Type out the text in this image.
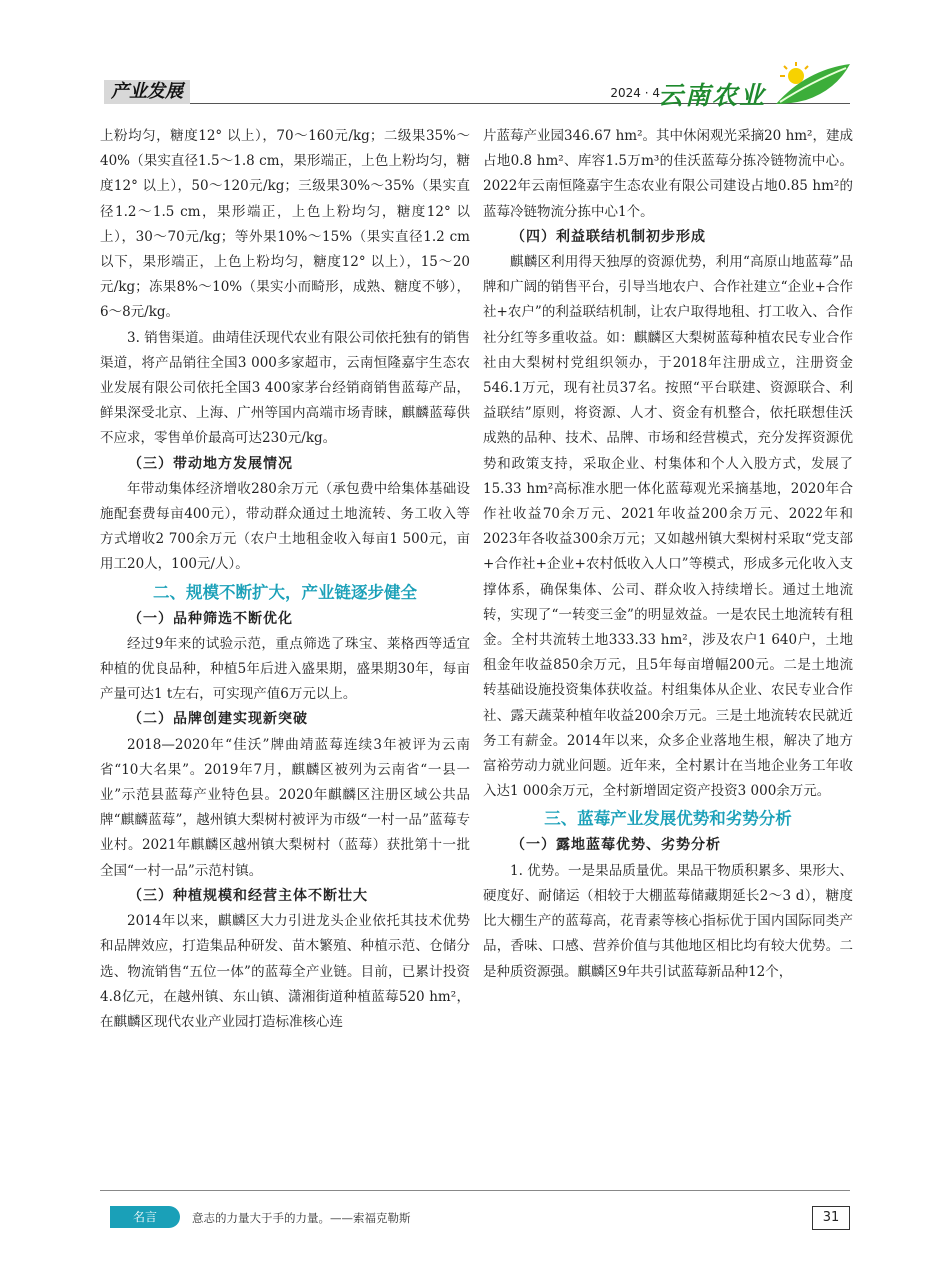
产业发展	2024 · 4
云南农业

上粉均匀，糖度12° 以上），70～160元/kg；二级果35%～40%（果实直径1.5～1.8 cm，果形端正，上色上粉均匀，糖度12° 以上），50～120元/kg；三级果30%～35%（果实直径1.2～1.5 cm，果形端正，上色上粉均匀，糖度12° 以上），30～70元/kg；等外果10%～15%（果实直径1.2 cm以下，果形端正，上色上粉均匀，糖度12° 以上），15～20元/kg；冻果8%～10%（果实小而畸形，成熟、糖度不够），6～8元/kg。

3. 销售渠道。曲靖佳沃现代农业有限公司依托独有的销售渠道，将产品销往全国3 000多家超市，云南恒隆嘉宇生态农业发展有限公司依托全国3 400家茅台经销商销售蓝莓产品，鲜果深受北京、上海、广州等国内高端市场青睐，麒麟蓝莓供不应求，零售单价最高可达230元/kg。

（三）带动地方发展情况

年带动集体经济增收280余万元（承包费中给集体基础设施配套费每亩400元），带动群众通过土地流转、务工收入等方式增收2 700余万元（农户土地租金收入每亩1 500元，亩用工20人，100元/人）。

二、规模不断扩大，产业链逐步健全
（一）品种筛选不断优化

经过9年来的试验示范，重点筛选了珠宝、莱格西等适宜种植的优良品种，种植5年后进入盛果期，盛果期30年，每亩产量可达1 t左右，可实现产值6万元以上。

（二）品牌创建实现新突破

2018—2020年“佳沃”牌曲靖蓝莓连续3年被评为云南省“10大名果”。2019年7月，麒麟区被列为云南省“一县一业”示范县蓝莓产业特色县。2020年麒麟区注册区域公共品牌“麒麟蓝莓”，越州镇大梨树村被评为市级“一村一品”蓝莓专业村。2021年麒麟区越州镇大梨树村（蓝莓）获批第十一批全国“一村一品”示范村镇。

（三）种植规模和经营主体不断壮大

2014年以来，麒麟区大力引进龙头企业依托其技术优势和品牌效应，打造集品种研发、苗木繁殖、种植示范、仓储分选、物流销售“五位一体”的蓝莓全产业链。目前，已累计投资4.8亿元，在越州镇、东山镇、潇湘街道种植蓝莓520 hm²，在麒麟区现代农业产业园打造标准核心连

片蓝莓产业园346.67 hm²。其中休闲观光采摘20 hm²，建成占地0.8 hm²、库容1.5万m³的佳沃蓝莓分拣冷链物流中心。2022年云南恒隆嘉宇生态农业有限公司建设占地0.85 hm²的蓝莓冷链物流分拣中心1个。

（四）利益联结机制初步形成

麒麟区利用得天独厚的资源优势，利用“高原山地蓝莓”品牌和广阔的销售平台，引导当地农户、合作社建立“企业+合作社+农户”的利益联结机制，让农户取得地租、打工收入、合作社分红等多重收益。如：麒麟区大梨树蓝莓种植农民专业合作社由大梨树村党组织领办，于2018年注册成立，注册资金546.1万元，现有社员37名。按照“平台联建、资源联合、利益联结”原则，将资源、人才、资金有机整合，依托联想佳沃成熟的品种、技术、品牌、市场和经营模式，充分发挥资源优势和政策支持，采取企业、村集体和个人入股方式，发展了15.33 hm²高标准水肥一体化蓝莓观光采摘基地，2020年合作社收益70余万元、2021年收益200余万元、2022年和2023年各收益300余万元；又如越州镇大梨树村采取“党支部+合作社+企业+农村低收入人口”等模式，形成多元化收入支撑体系，确保集体、公司、群众收入持续增长。通过土地流转，实现了“一转变三金”的明显效益。一是农民土地流转有租金。全村共流转土地333.33 hm²，涉及农户1 640户，土地租金年收益850余万元，且5年每亩增幅200元。二是土地流转基础设施投资集体获收益。村组集体从企业、农民专业合作社、露天蔬菜种植年收益200余万元。三是土地流转农民就近务工有薪金。2014年以来，众多企业落地生根，解决了地方富裕劳动力就业问题。近年来，全村累计在当地企业务工年收入达1 000余万元，全村新增固定资产投资3 000余万元。

三、蓝莓产业发展优势和劣势分析
（一）露地蓝莓优势、劣势分析

1. 优势。一是果品质量优。果品干物质积累多、果形大、硬度好、耐储运（相较于大棚蓝莓储藏期延长2～3 d），糖度比大棚生产的蓝莓高，花青素等核心指标优于国内国际同类产品，香味、口感、营养价值与其他地区相比均有较大优势。二是种质资源强。麒麟区9年共引试蓝莓新品种12个，

名言	意志的力量大于手的力量。——索福克勒斯	31
